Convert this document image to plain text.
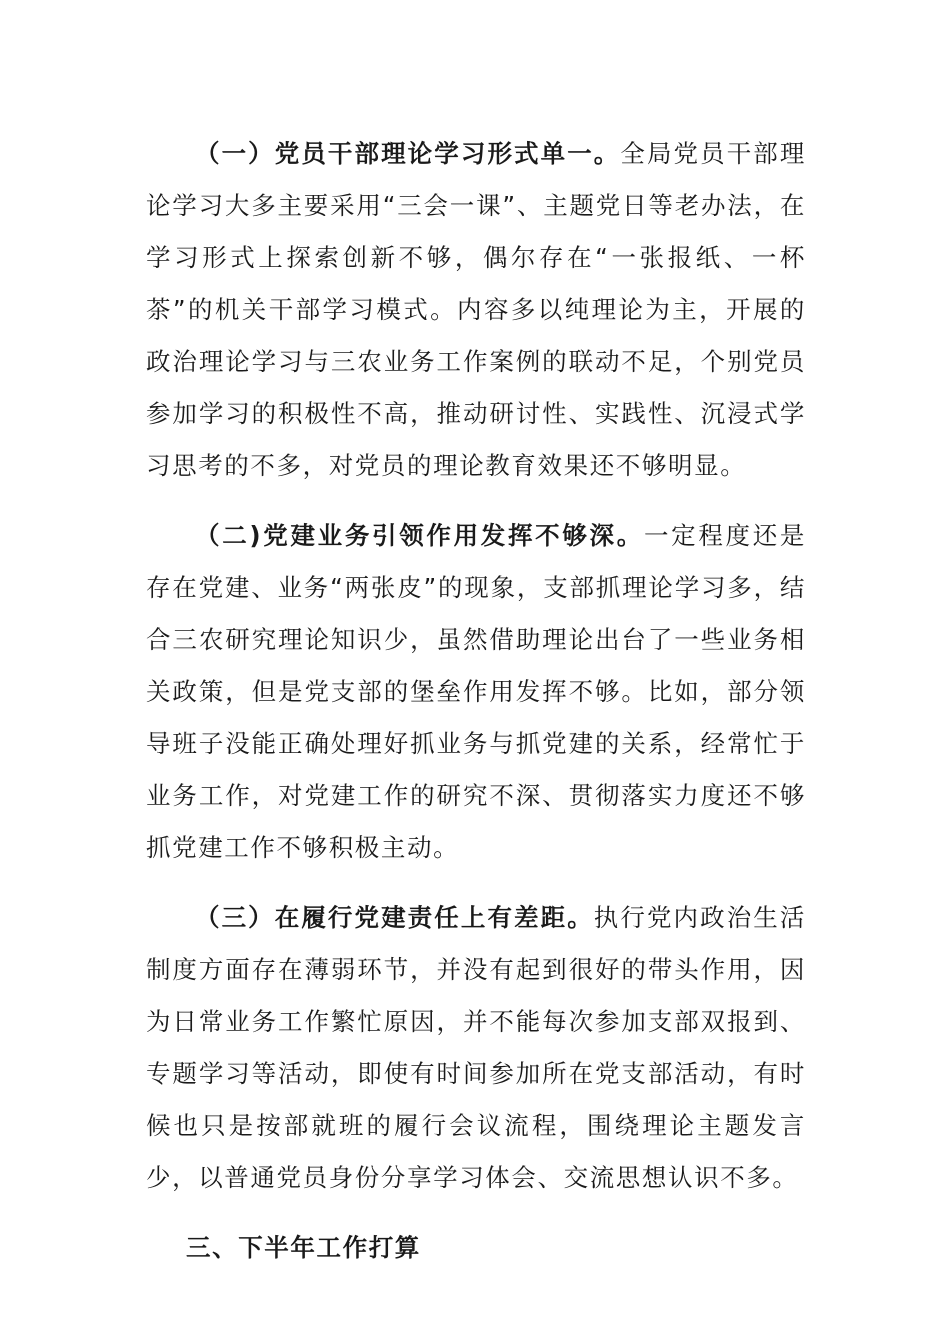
（一）党员干部理论学习形式单一。全局党员干部理论学习大多主要采用“三会一课”、主题党日等老办法，在学习形式上探索创新不够，偶尔存在“一张报纸、一杯茶”的机关干部学习模式。内容多以纯理论为主，开展的政治理论学习与三农业务工作案例的联动不足，个别党员参加学习的积极性不高，推动研讨性、实践性、沉浸式学习思考的不多，对党员的理论教育效果还不够明显。

（二)党建业务引领作用发挥不够深。一定程度还是存在党建、业务“两张皮”的现象，支部抓理论学习多，结合三农研究理论知识少，虽然借助理论出台了一些业务相关政策，但是党支部的堡垒作用发挥不够。比如，部分领导班子没能正确处理好抓业务与抓党建的关系，经常忙于业务工作，对党建工作的研究不深、贯彻落实力度还不够抓党建工作不够积极主动。

（三）在履行党建责任上有差距。执行党内政治生活制度方面存在薄弱环节，并没有起到很好的带头作用，因为日常业务工作繁忙原因，并不能每次参加支部双报到、专题学习等活动，即使有时间参加所在党支部活动，有时候也只是按部就班的履行会议流程，围绕理论主题发言少，以普通党员身份分享学习体会、交流思想认识不多。

三、下半年工作打算
